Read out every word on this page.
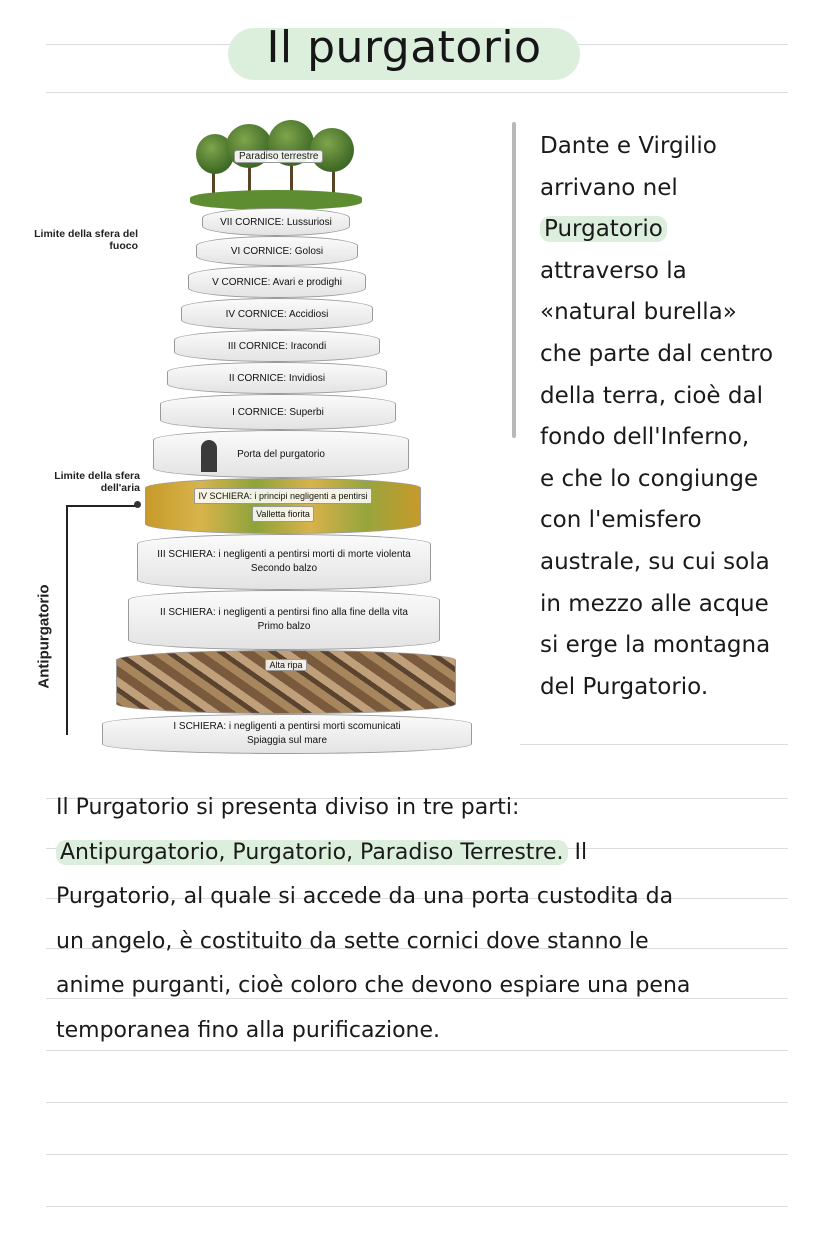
Il purgatorio
Paradiso terrestre
Limite della sfera del fuoco
Limite della sfera dell'aria
VII CORNICE: Lussuriosi
VI CORNICE: Golosi
V CORNICE: Avari e prodighi
IV CORNICE: Accidiosi
III CORNICE: Iracondi
II CORNICE: Invidiosi
I CORNICE: Superbi
Porta del purgatorio
IV SCHIERA: i principi negligenti a pentirsi
Valletta fiorita
III SCHIERA: i negligenti a pentirsi morti di morte violenta
Secondo balzo
II SCHIERA: i negligenti a pentirsi fino alla fine della vita
Primo balzo
Alta ripa
I SCHIERA: i negligenti a pentirsi morti scomunicati
Spiaggia sul mare
Antipurgatorio
Dante e Virgilio
arrivano nel
Purgatorio
attraverso la
«natural burella»
che parte dal centro
della terra, cioè dal
fondo dell'Inferno,
e che lo congiunge
con l'emisfero
australe, su cui sola
in mezzo alle acque
si erge la montagna
del Purgatorio.
Il Purgatorio si presenta diviso in tre parti:
Antipurgatorio, Purgatorio, Paradiso Terrestre. Il
Purgatorio, al quale si accede da una porta custodita da
un angelo, è costituito da sette cornici dove stanno le
anime purganti, cioè coloro che devono espiare una pena
temporanea fino alla purificazione.
